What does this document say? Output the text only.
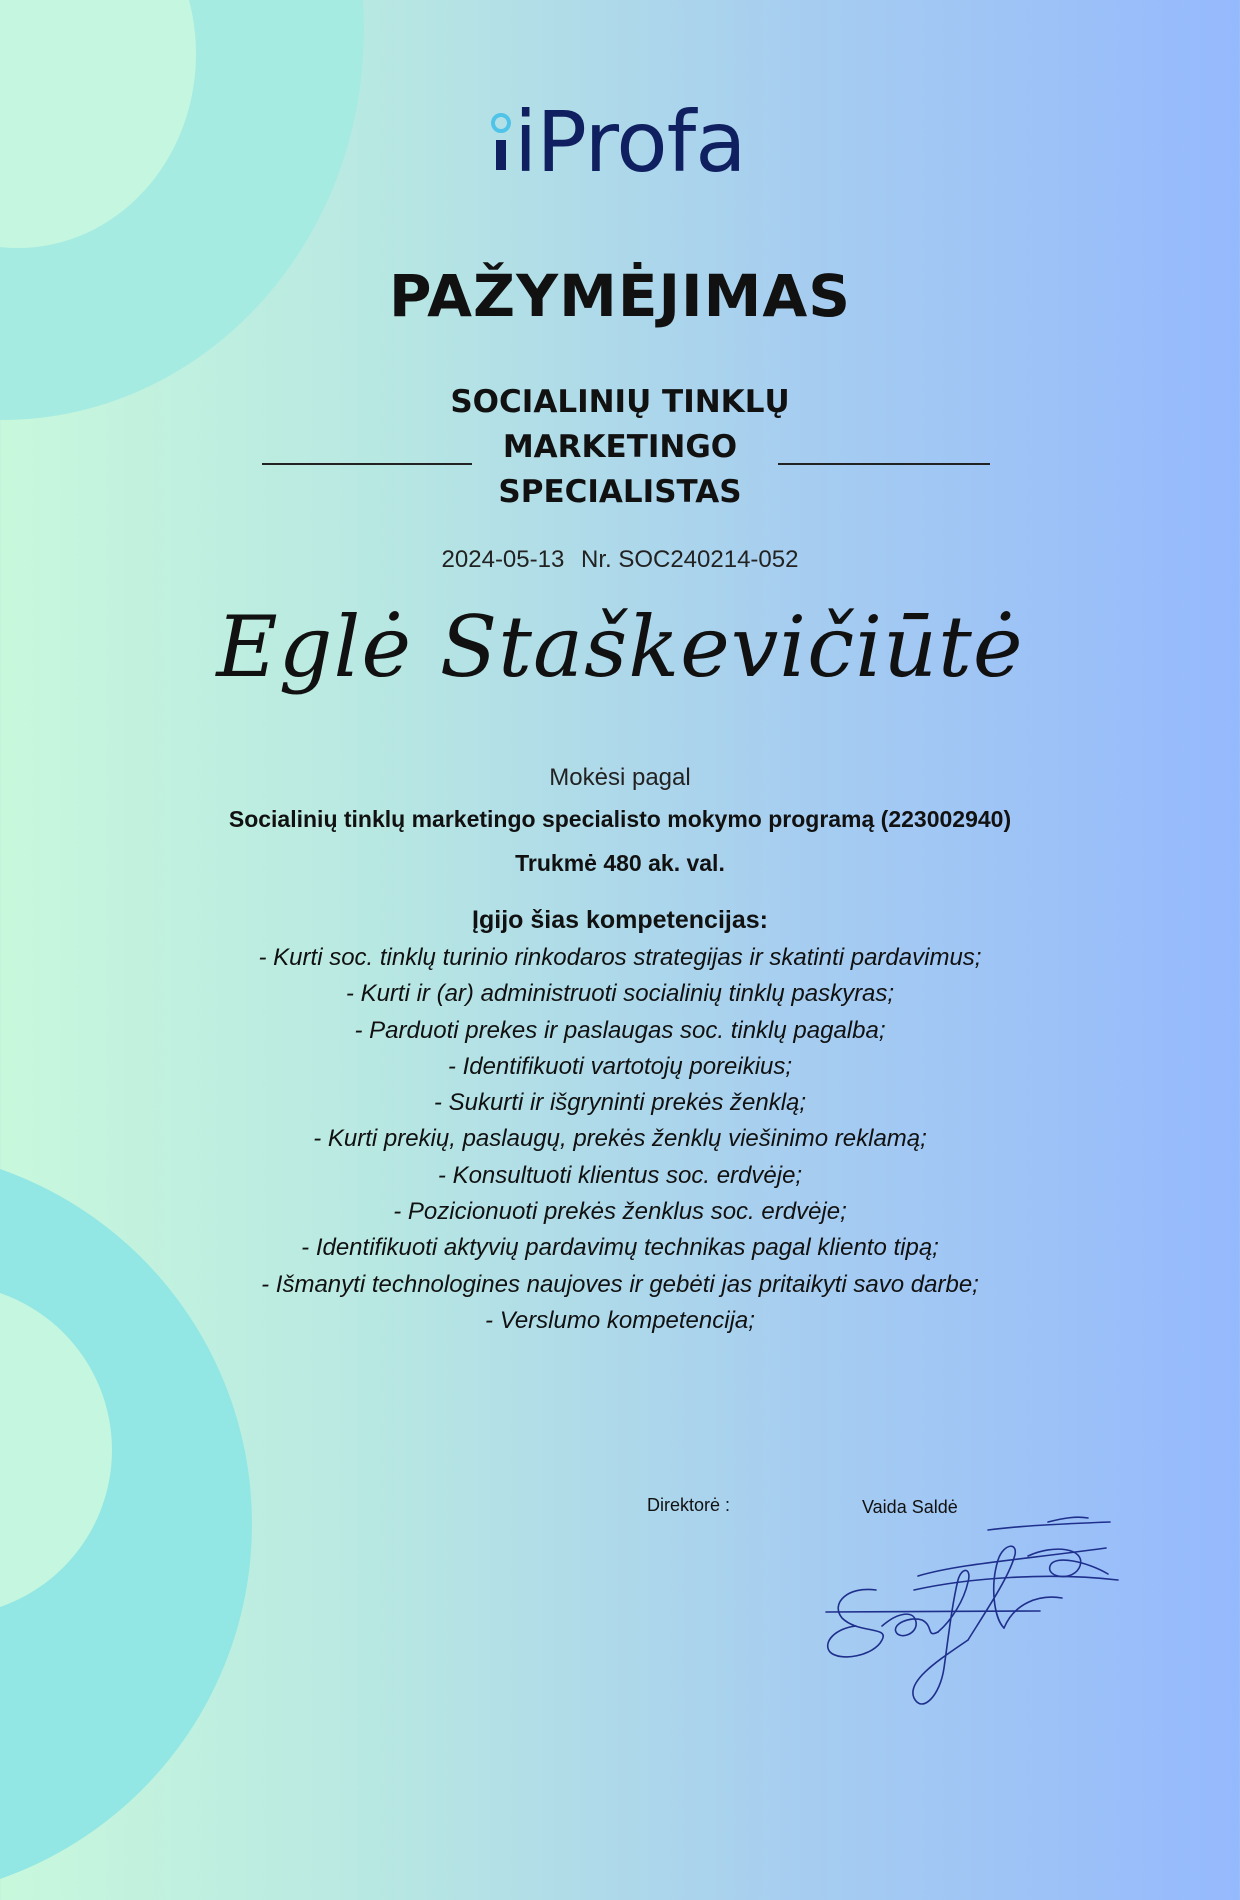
iProfa
PAŽYMĖJIMAS
SOCIALINIŲ TINKLŲ MARKETINGO SPECIALISTAS
2024-05-13 Nr. SOC240214-052
Eglė Staškevičiūtė
Mokėsi pagal
Socialinių tinklų marketingo specialisto mokymo programą (223002940)
Trukmė 480 ak. val.
Įgijo šias kompetencijas:
- Kurti soc. tinklų turinio rinkodaros strategijas ir skatinti pardavimus;
- Kurti ir (ar) administruoti socialinių tinklų paskyras;
- Parduoti prekes ir paslaugas soc. tinklų pagalba;
- Identifikuoti vartotojų poreikius;
- Sukurti ir išgryninti prekės ženklą;
- Kurti prekių, paslaugų, prekės ženklų viešinimo reklamą;
- Konsultuoti klientus soc. erdvėje;
- Pozicionuoti prekės ženklus soc. erdvėje;
- Identifikuoti aktyvių pardavimų technikas pagal kliento tipą;
- Išmanyti technologines naujoves ir gebėti jas pritaikyti savo darbe;
- Verslumo kompetencija;
Direktorė :	Vaida Saldė
